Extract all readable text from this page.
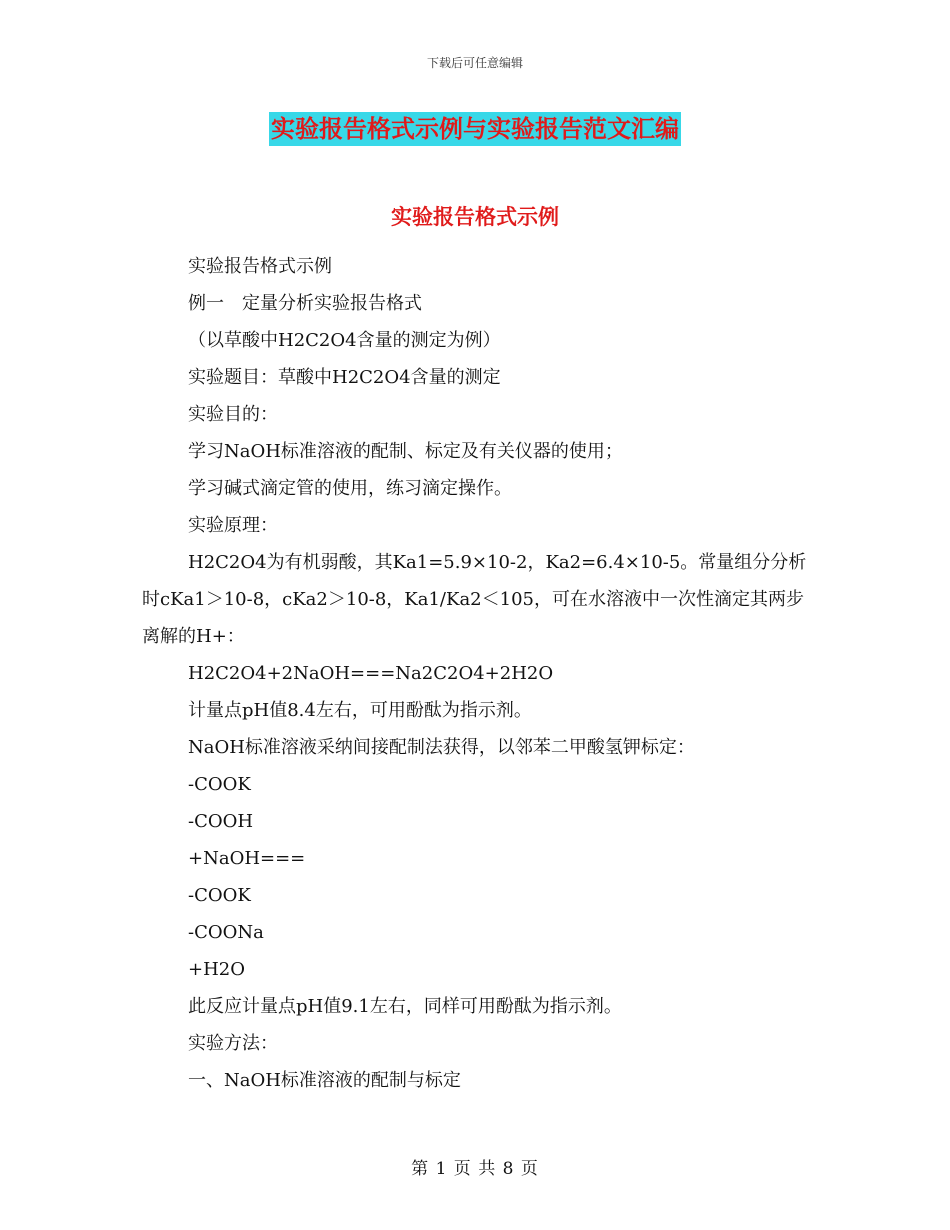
下载后可任意编辑
实验报告格式示例与实验报告范文汇编
实验报告格式示例

实验报告格式示例

例一　定量分析实验报告格式

（以草酸中H2C2O4含量的测定为例）

实验题目：草酸中H2C2O4含量的测定

实验目的：

学习NaOH标准溶液的配制、标定及有关仪器的使用；

学习碱式滴定管的使用，练习滴定操作。

实验原理：

H2C2O4为有机弱酸，其Ka1=5.9×10-2，Ka2=6.4×10-5。常量组分分析时cKa1＞10-8，cKa2＞10-8，Ka1/Ka2＜105，可在水溶液中一次性滴定其两步离解的H+：

H2C2O4+2NaOH===Na2C2O4+2H2O

计量点pH值8.4左右，可用酚酞为指示剂。

NaOH标准溶液采纳间接配制法获得，以邻苯二甲酸氢钾标定：

-COOK

-COOH

+NaOH===

-COOK

-COONa

+H2O

此反应计量点pH值9.1左右，同样可用酚酞为指示剂。

实验方法：

一、NaOH标准溶液的配制与标定

第 1 页 共 8 页
